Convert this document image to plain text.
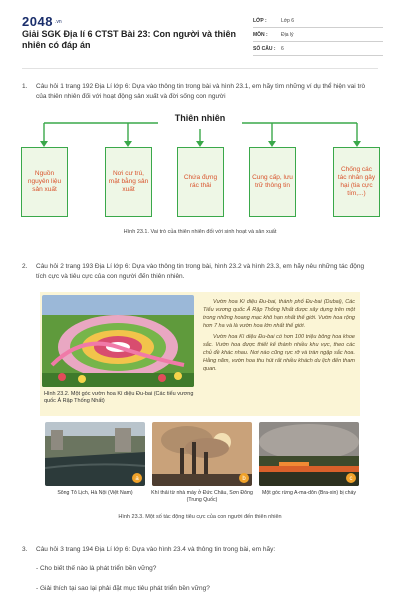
2048 .vn
Giải SGK Địa lí 6 CTST Bài 23: Con người và thiên nhiên có đáp án
LỚP :	Lớp 6
MÔN :	Địa lý
SỐ CÂU :	6
1. Câu hỏi 1 trang 192 Địa Lí lớp 6: Dựa vào thông tin trong bài và hình 23.1, em hãy tìm những ví dụ thể hiện vai trò của thiên nhiên đối với hoạt động sản xuất và đời sống con người
Thiên nhiên
Nguồn nguyên liệu sản xuất
Nơi cư trú, mặt bằng sản xuất
Chứa đựng rác thải
Cung cấp, lưu trữ thông tin
Chống các tác nhân gây hại (tia cực tím,...)
Hình 23.1. Vai trò của thiên nhiên đối với sinh hoạt và sản xuất
2. Câu hỏi 2 trang 193 Địa Lí lớp 6: Dựa vào thông tin trong bài, hình 23.2 và hình 23.3, em hãy nêu những tác động tích cực và tiêu cực của con người đến thiên nhiên.
Hình 23.2. Một góc vườn hoa Kì diệu Đu-bai (Các tiểu vương quốc Ả Rập Thống Nhất)

Vườn hoa Kì diệu Đu-bai, thành phố Đu-bai (Dubai), Các Tiểu vương quốc Ả Rập Thống Nhất được xây dựng trên một trong những hoang mạc khô hạn nhất thế giới. Vườn hoa rộng hơn 7 ha và là vườn hoa lớn nhất thế giới.

Vườn hoa Kì diệu Đu-bai có hơn 100 triệu bông hoa khoe sắc. Vườn hoa được thiết kế thành nhiều khu vực, theo các chủ đề khác nhau. Nơi nào cũng rực rỡ và tràn ngập sắc hoa. Hằng năm, vườn hoa thu hút rất nhiều khách du lịch đến tham quan.

a
Sông Tô Lịch, Hà Nội (Việt Nam)
b
Khí thải từ nhà máy ở Đức Châu, Sơn Đông (Trung Quốc)
c
Một góc rừng A-ma-dôn (Bra-xin) bị cháy
Hình 23.3. Một số tác động tiêu cực của con người đến thiên nhiên
3. Câu hỏi 3 trang 194 Địa Lí lớp 6: Dựa vào hình 23.4 và thông tin trong bài, em hãy:
- Cho biết thế nào là phát triển bền vững?
- Giải thích tại sao lại phải đặt mục tiêu phát triển bền vững?
